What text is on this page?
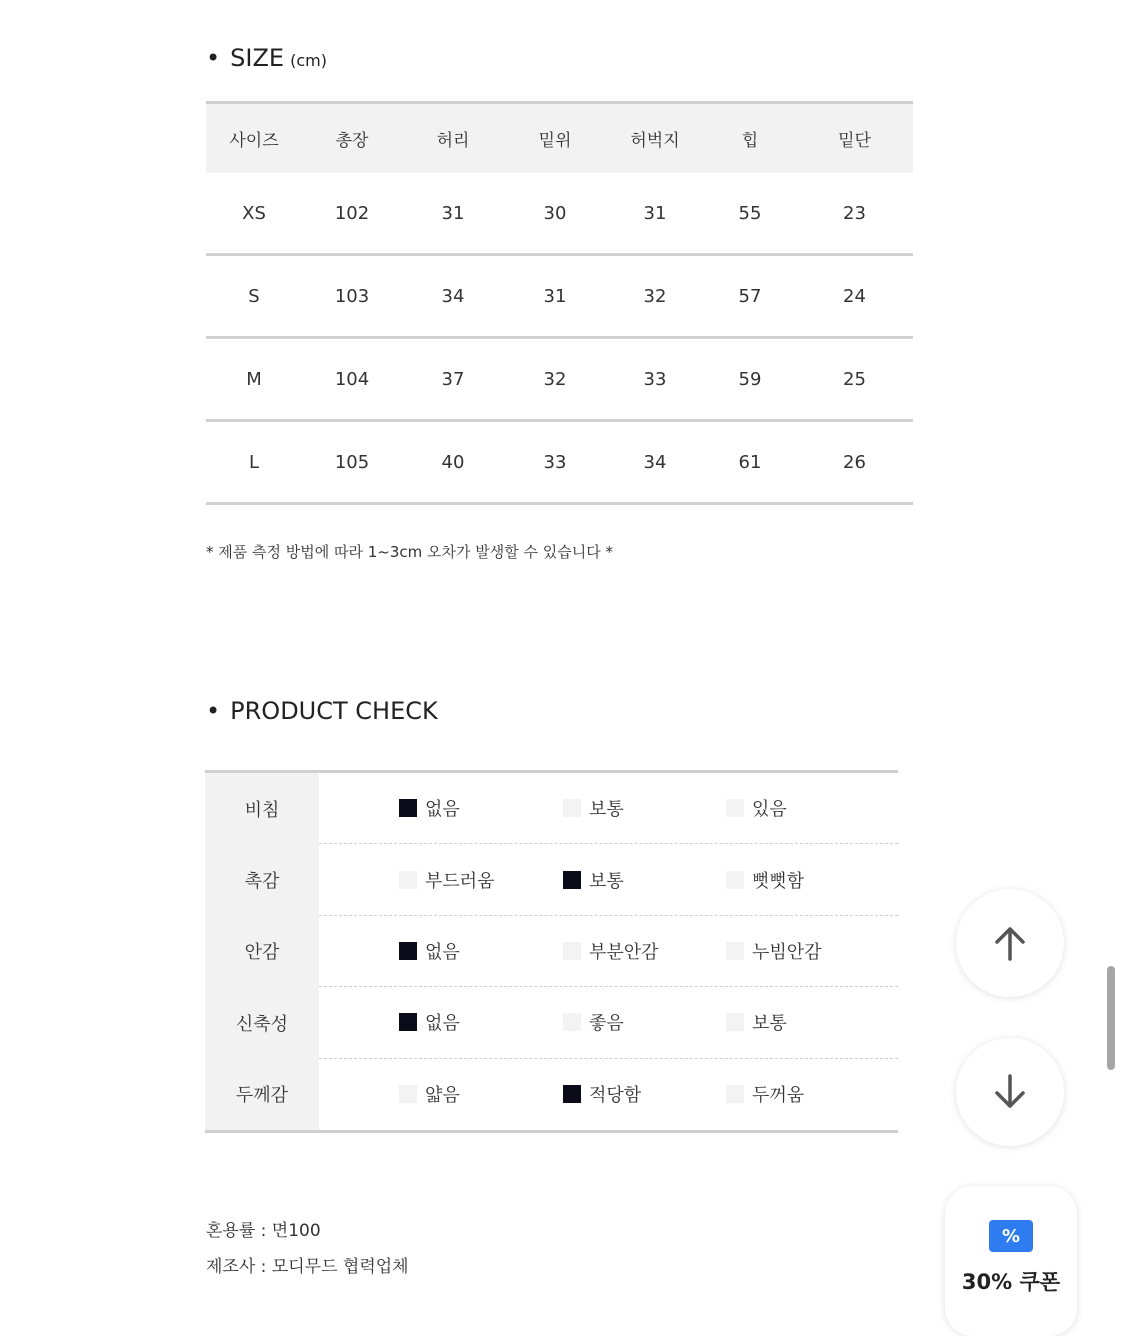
• SIZE (cm)
사이즈	총장	허리	밑위	허벅지	힙	밑단
XS	102	31	30	31	55	23
S	103	34	31	32	57	24
M	104	37	32	33	59	25
L	105	40	33	34	61	26
* 제품 측정 방법에 따라 1~3cm 오차가 발생할 수 있습니다 *
• PRODUCT CHECK
비침	없음	보통	있음
촉감	부드러움	보통	뻣뻣함
안감	없음	부분안감	누빔안감
신축성	없음	좋음	보통
두께감	얇음	적당함	두꺼움
혼용률 : 면100
제조사 : 모디무드 협력업체
%
30% 쿠폰
